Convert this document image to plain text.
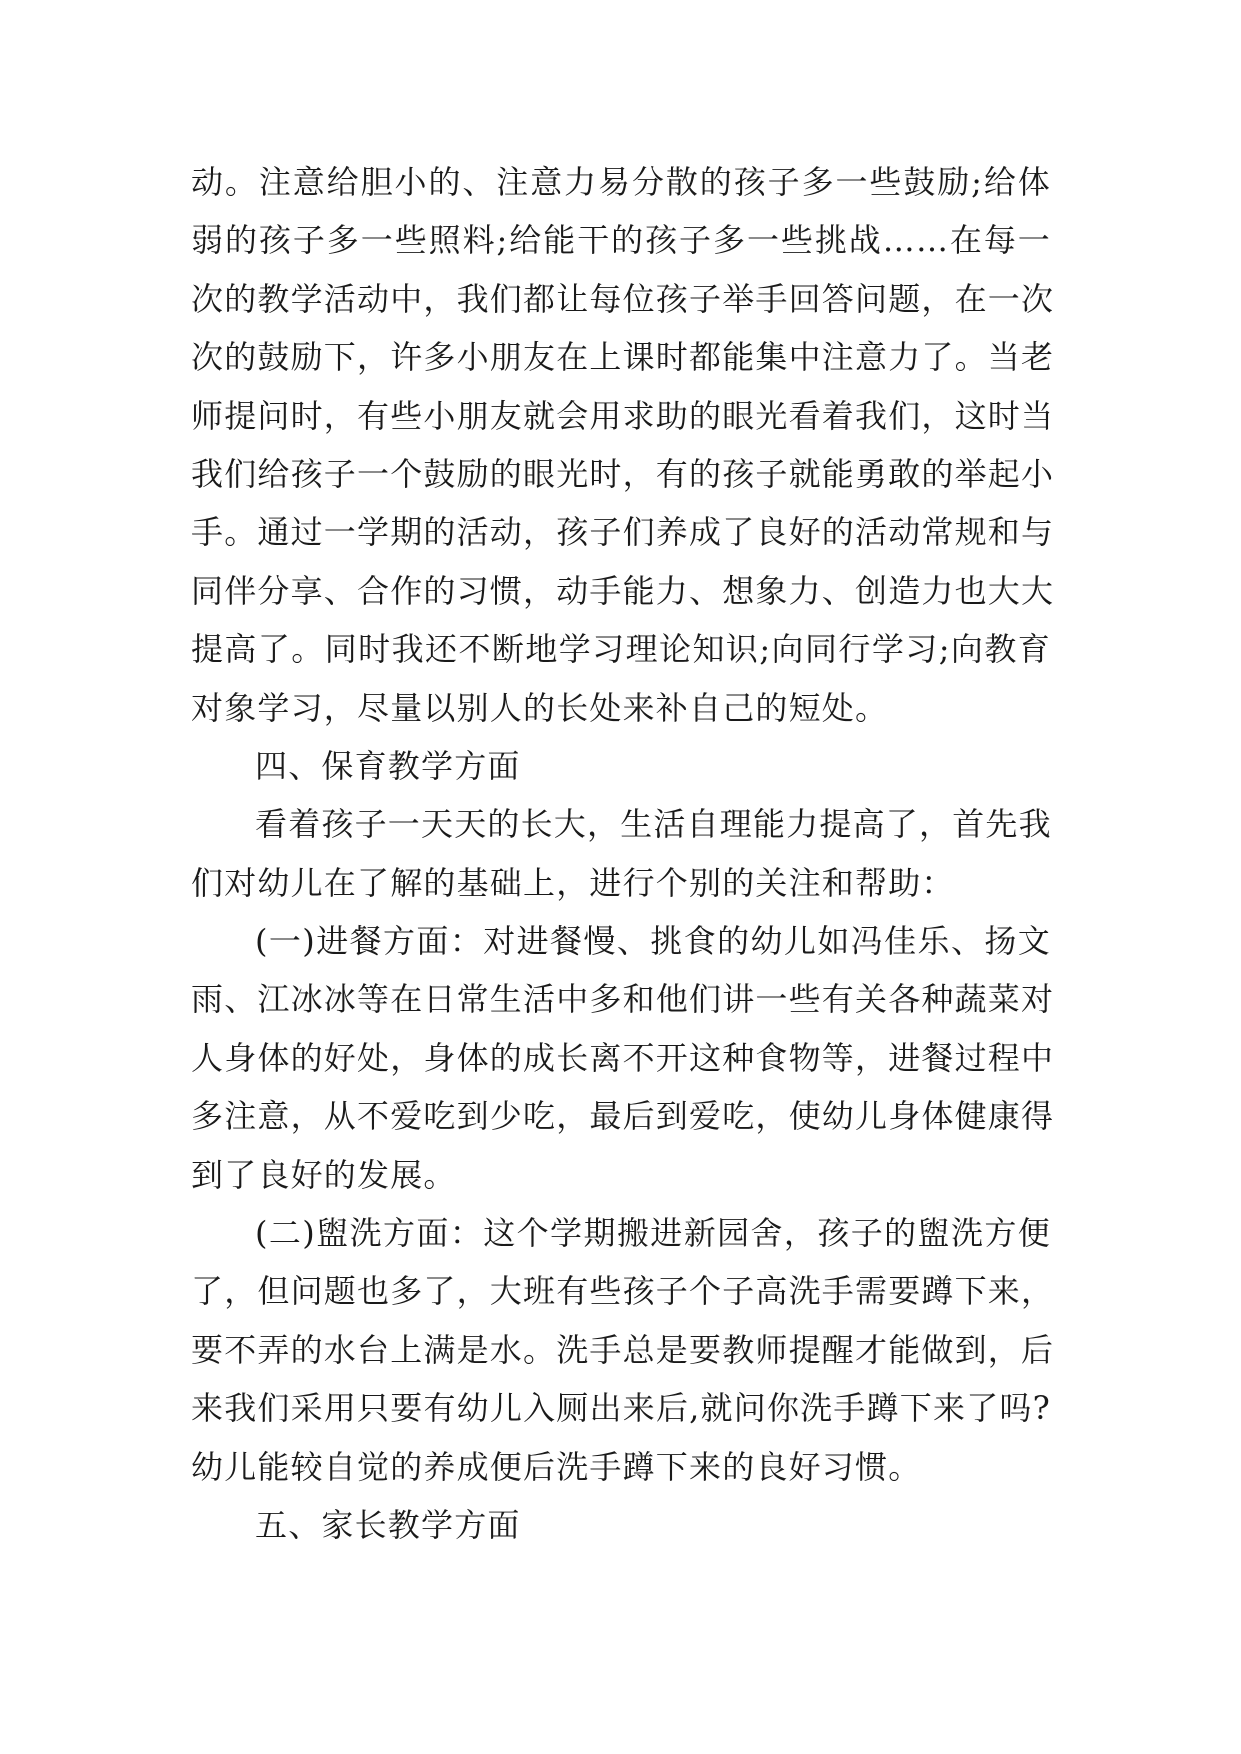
动。注意给胆小的、注意力易分散的孩子多一些鼓励;给体
弱的孩子多一些照料;给能干的孩子多一些挑战……在每一
次的教学活动中，我们都让每位孩子举手回答问题，在一次
次的鼓励下，许多小朋友在上课时都能集中注意力了。当老
师提问时，有些小朋友就会用求助的眼光看着我们，这时当
我们给孩子一个鼓励的眼光时，有的孩子就能勇敢的举起小
手。通过一学期的活动，孩子们养成了良好的活动常规和与
同伴分享、合作的习惯，动手能力、想象力、创造力也大大
提高了。同时我还不断地学习理论知识;向同行学习;向教育
对象学习，尽量以别人的长处来补自己的短处。
四、保育教学方面
看着孩子一天天的长大，生活自理能力提高了，首先我
们对幼儿在了解的基础上，进行个别的关注和帮助：
(一)进餐方面：对进餐慢、挑食的幼儿如冯佳乐、扬文
雨、江冰冰等在日常生活中多和他们讲一些有关各种蔬菜对
人身体的好处，身体的成长离不开这种食物等，进餐过程中
多注意，从不爱吃到少吃，最后到爱吃，使幼儿身体健康得
到了良好的发展。
(二)盥洗方面：这个学期搬进新园舍，孩子的盥洗方便
了，但问题也多了，大班有些孩子个子高洗手需要蹲下来，
要不弄的水台上满是水。洗手总是要教师提醒才能做到，后
来我们采用只要有幼儿入厕出来后,就问你洗手蹲下来了吗?
幼儿能较自觉的养成便后洗手蹲下来的良好习惯。
五、家长教学方面
